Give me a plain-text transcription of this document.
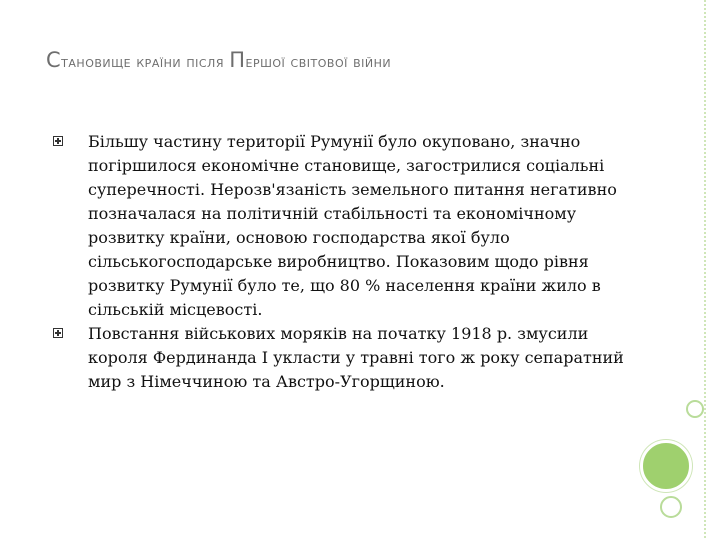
Становище країни після Першої світової війни
Більшу частину території Румунії було окуповано, значно погіршилося економічне становище, загострилися соціальні суперечності. Нерозв'язаність земельного питання негативно позначалася на політичній стабільності та економічному розвитку країни, основою господарства якої було сільськогосподарське виробництво. Показовим щодо рівня розвитку Румунії було те, що 80 % населення країни жило в сільській місцевості.
Повстання військових моряків на початку 1918 р. змусили короля Фердинанда I укласти у травні того ж року сепаратний мир з Німеччиною та Австро-Угорщиною.
